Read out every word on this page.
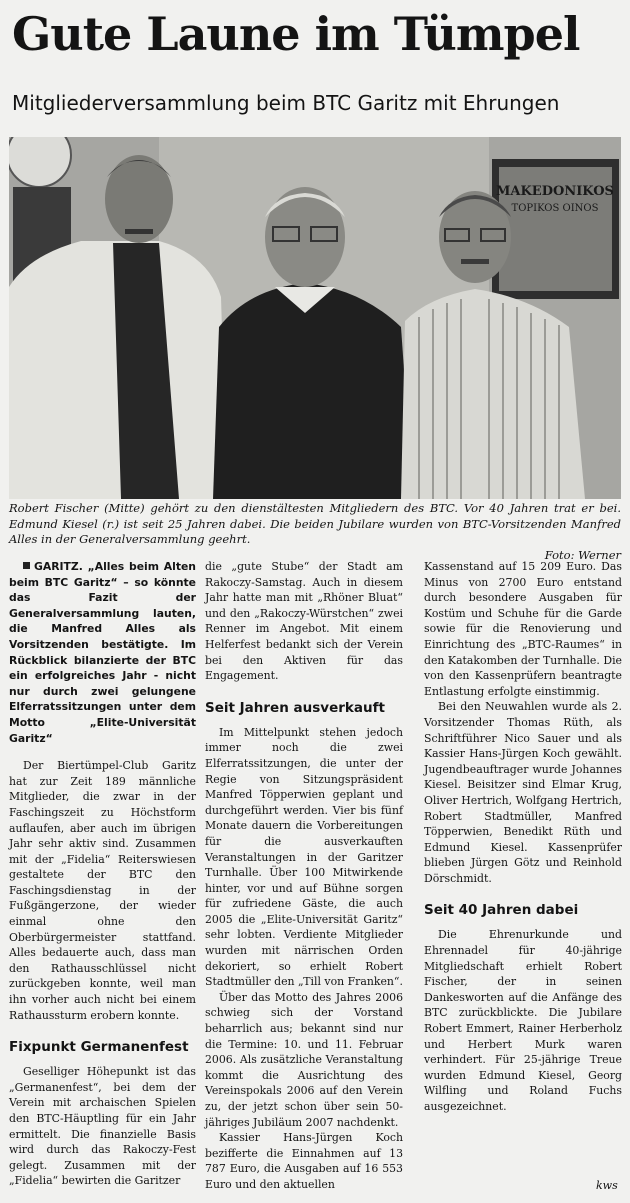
Gute Laune im Tümpel
Mitgliederversammlung beim BTC Garitz mit Ehrungen
MAKEDONIKOS
TOPIKOS OINOS
Robert Fischer (Mitte) gehört zu den dienstältesten Mitgliedern des BTC. Vor 40 Jahren trat er bei. Edmund Kiesel (r.) ist seit 25 Jahren dabei. Die beiden Jubilare wurden von BTC-Vorsitzenden Manfred Alles in der Generalversammlung geehrt.
Foto: Werner

GARITZ. „Alles beim Alten beim BTC Garitz“ – so könnte das Fazit der Generalversammlung lauten, die Manfred Alles als Vorsitzenden bestätigte. Im Rückblick bilanzierte der BTC ein erfolgreiches Jahr - nicht nur durch zwei gelungene Elferratssitzungen unter dem Motto „Elite-Universität Garitz“

Der Biertümpel-Club Garitz hat zur Zeit 189 männliche Mitglieder, die zwar in der Faschingszeit zu Höchstform auflaufen, aber auch im übrigen Jahr sehr aktiv sind. Zusammen mit der „Fidelia“ Reiterswiesen gestaltete der BTC den Faschingsdienstag in der Fußgängerzone, der wieder einmal ohne den Oberbürgermeister stattfand. Alles bedauerte auch, dass man den Rathausschlüssel nicht zurückgeben konnte, weil man ihn vorher auch nicht bei einem Rathaussturm erobern konnte.

Fixpunkt Germanenfest

Geselliger Höhepunkt ist das „Germanenfest“, bei dem der Verein mit archaischen Spielen den BTC-Häuptling für ein Jahr ermittelt. Die finanzielle Basis wird durch das Rakoczy-Fest gelegt. Zusammen mit der „Fidelia“ bewirten die Garitzer

die „gute Stube“ der Stadt am Rakoczy-Samstag. Auch in diesem Jahr hatte man mit „Rhöner Bluat“ und den „Rakoczy-Würstchen“ zwei Renner im Angebot. Mit einem Helferfest bedankt sich der Verein bei den Aktiven für das Engagement.

Seit Jahren ausverkauft

Im Mittelpunkt stehen jedoch immer noch die zwei Elferratssitzungen, die unter der Regie von Sitzungspräsident Manfred Töpperwien geplant und durchgeführt werden. Vier bis fünf Monate dauern die Vorbereitungen für die ausverkauften Veranstaltungen in der Garitzer Turnhalle. Über 100 Mitwirkende hinter, vor und auf Bühne sorgen für zufriedene Gäste, die auch 2005 die „Elite-Universität Garitz“ sehr lobten. Verdiente Mitglieder wurden mit närrischen Orden dekoriert, so erhielt Robert Stadtmüller den „Till von Franken“.

Über das Motto des Jahres 2006 schwieg sich der Vorstand beharrlich aus; bekannt sind nur die Termine: 10. und 11. Februar 2006. Als zusätzliche Veranstaltung kommt die Ausrichtung des Vereinspokals 2006 auf den Verein zu, der jetzt schon über sein 50-jähriges Jubiläum 2007 nachdenkt.

Kassier Hans-Jürgen Koch bezifferte die Einnahmen auf 13 787 Euro, die Ausgaben auf 16 553 Euro und den aktuellen

Kassenstand auf 15 209 Euro. Das Minus von 2700 Euro entstand durch besondere Ausgaben für Kostüm und Schuhe für die Garde sowie für die Renovierung und Einrichtung des „BTC-Raumes“ in den Katakomben der Turnhalle. Die von den Kassenprüfern beantragte Entlastung erfolgte einstimmig.

Bei den Neuwahlen wurde als 2. Vorsitzender Thomas Rüth, als Schriftführer Nico Sauer und als Kassier Hans-Jürgen Koch gewählt. Jugendbeauftrager wurde Johannes Kiesel. Beisitzer sind Elmar Krug, Oliver Hertrich, Wolfgang Hertrich, Robert Stadtmüller, Manfred Töpperwien, Benedikt Rüth und Edmund Kiesel. Kassenprüfer blieben Jürgen Götz und Reinhold Dörschmidt.

Seit 40 Jahren dabei

Die Ehrenurkunde und Ehrennadel für 40-jährige Mitgliedschaft erhielt Robert Fischer, der in seinen Dankesworten auf die Anfänge des BTC zurückblickte. Die Jubilare Robert Emmert, Rainer Herberholz und Herbert Murk waren verhindert. Für 25-jährige Treue wurden Edmund Kiesel, Georg Wilfling und Roland Fuchs ausgezeichnet.

kws
